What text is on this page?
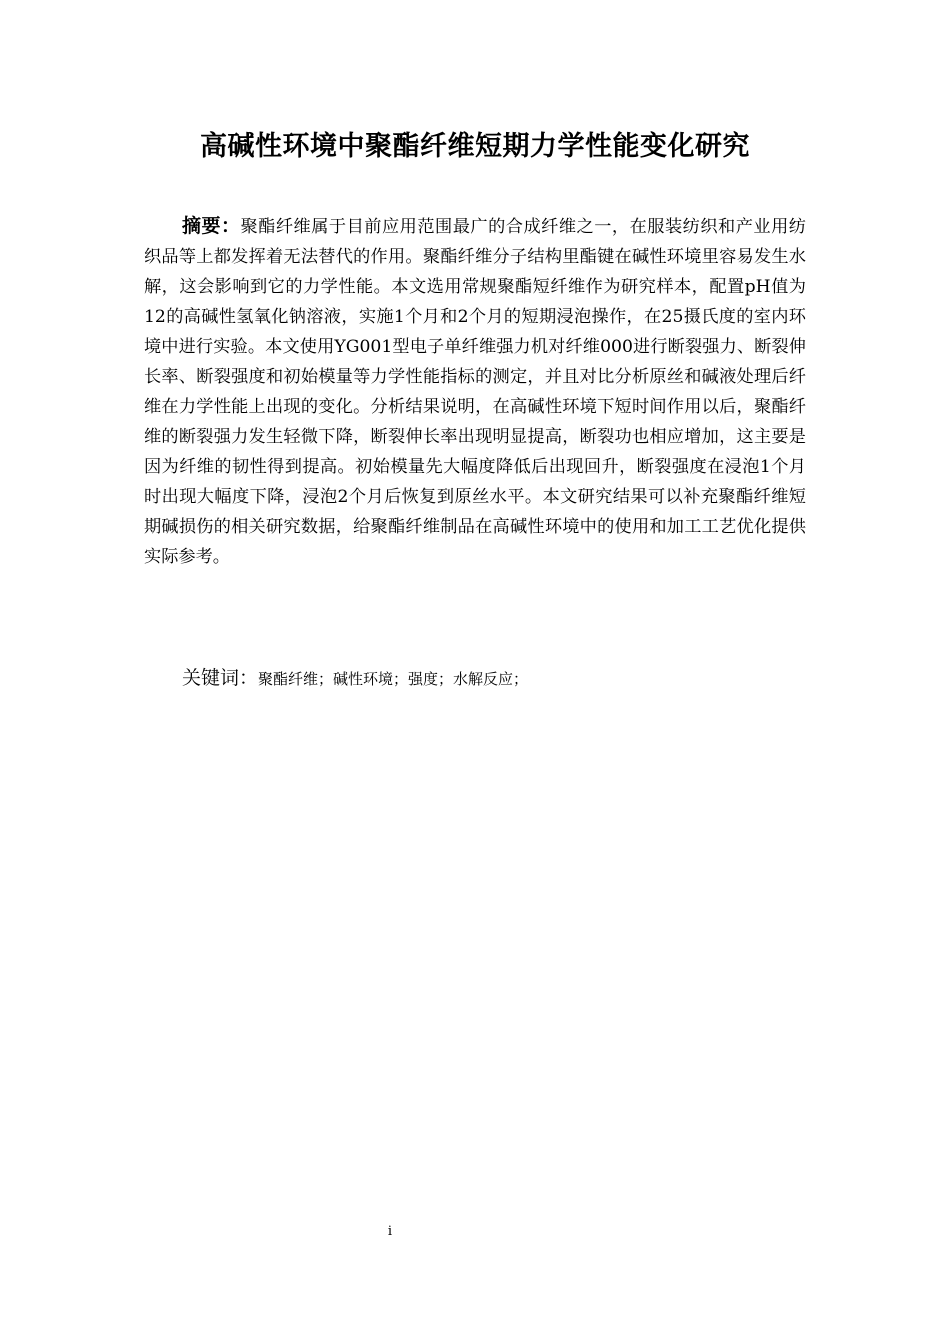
高碱性环境中聚酯纤维短期力学性能变化研究

摘要：聚酯纤维属于目前应用范围最广的合成纤维之一，在服装纺织和产业用纺织品等上都发挥着无法替代的作用。聚酯纤维分子结构里酯键在碱性环境里容易发生水解，这会影响到它的力学性能。本文选用常规聚酯短纤维作为研究样本，配置pH值为12的高碱性氢氧化钠溶液，实施1个月和2个月的短期浸泡操作，在25摄氏度的室内环境中进行实验。本文使用YG001型电子单纤维强力机对纤维000进行断裂强力、断裂伸长率、断裂强度和初始模量等力学性能指标的测定，并且对比分析原丝和碱液处理后纤维在力学性能上出现的变化。分析结果说明，在高碱性环境下短时间作用以后，聚酯纤维的断裂强力发生轻微下降，断裂伸长率出现明显提高，断裂功也相应增加，这主要是因为纤维的韧性得到提高。初始模量先大幅度降低后出现回升，断裂强度在浸泡1个月时出现大幅度下降，浸泡2个月后恢复到原丝水平。本文研究结果可以补充聚酯纤维短期碱损伤的相关研究数据，给聚酯纤维制品在高碱性环境中的使用和加工工艺优化提供实际参考。

关键词：聚酯纤维；碱性环境；强度；水解反应；

i
